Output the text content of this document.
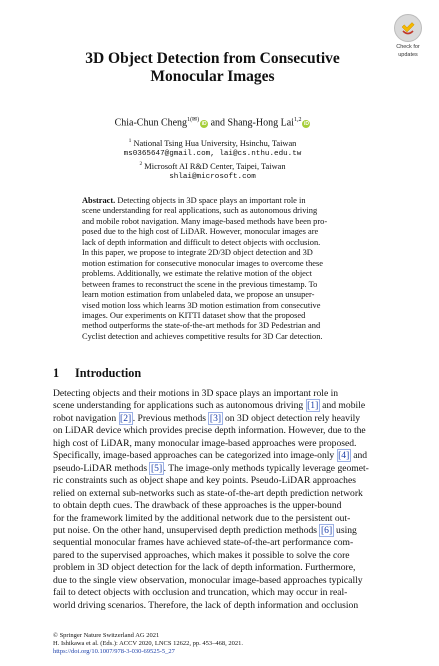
Check for
updates
3D Object Detection from Consecutive
Monocular Images
Chia-Chun Cheng$^{1(✉)}$iD and Shang-Hong Lai$^{1,2}$iD
$^1$ National Tsing Hua University, Hsinchu, Taiwan
ms0365647@gmail.com, lai@cs.nthu.edu.tw
$^2$ Microsoft AI R&D Center, Taipei, Taiwan
shlai@microsoft.com
Abstract. Detecting objects in 3D space plays an important role in
scene understanding for real applications, such as autonomous driving
and mobile robot navigation. Many image-based methods have been pro-
posed due to the high cost of LiDAR. However, monocular images are
lack of depth information and difficult to detect objects with occlusion.
In this paper, we propose to integrate 2D/3D object detection and 3D
motion estimation for consecutive monocular images to overcome these
problems. Additionally, we estimate the relative motion of the object
between frames to reconstruct the scene in the previous timestamp. To
learn motion estimation from unlabeled data, we propose an unsuper-
vised motion loss which learns 3D motion estimation from consecutive
images. Our experiments on KITTI dataset show that the proposed
method outperforms the state-of-the-art methods for 3D Pedestrian and
Cyclist detection and achieves competitive results for 3D Car detection.
1 Introduction
Detecting objects and their motions in 3D space plays an important role in
scene understanding for applications such as autonomous driving [1] and mobile
robot navigation [2] . Previous methods [3] on 3D object detection rely heavily
on LiDAR device which provides precise depth information. However, due to the
high cost of LiDAR, many monocular image-based approaches were proposed.
Specifically, image-based approaches can be categorized into image-only [4] and
pseudo-LiDAR methods [5] . The image-only methods typically leverage geomet-
ric constraints such as object shape and key points. Pseudo-LiDAR approaches
relied on external sub-networks such as state-of-the-art depth prediction network
to obtain depth cues. The drawback of these approaches is the upper-bound
for the framework limited by the additional network due to the persistent out-
put noise. On the other hand, unsupervised depth prediction methods [6] using
sequential monocular frames have achieved state-of-the-art performance com-
pared to the supervised approaches, which makes it possible to solve the core
problem in 3D object detection for the lack of depth information. Furthermore,
due to the single view observation, monocular image-based approaches typically
fail to detect objects with occlusion and truncation, which may occur in real-
world driving scenarios. Therefore, the lack of depth information and occlusion
© Springer Nature Switzerland AG 2021
H. Ishikawa et al. (Eds.): ACCV 2020, LNCS 12622, pp. 453–468, 2021.
https://doi.org/10.1007/978-3-030-69525-5_27
